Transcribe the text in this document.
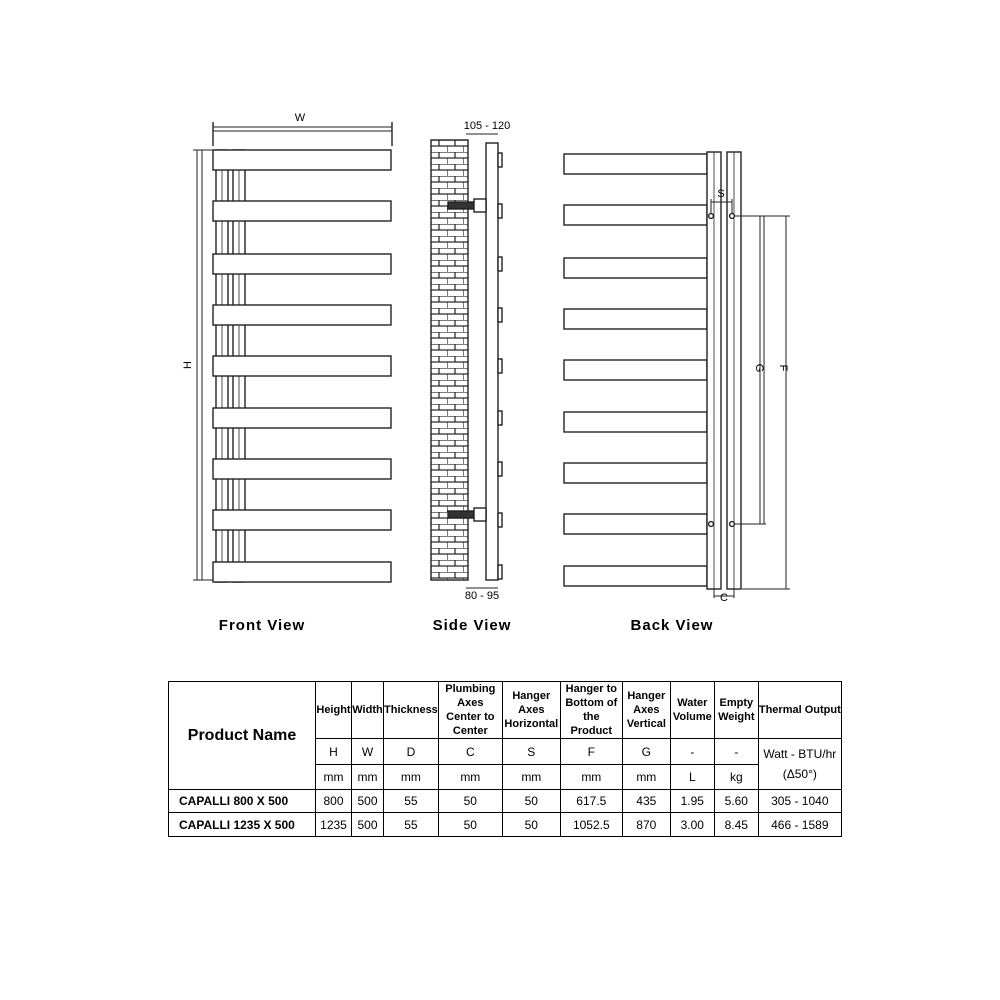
W
H
Front View
105 - 120
80 - 95
Side View
S
G F
C
Back View
Product Name	Height	Width	Thickness	Plumbing Axes Center to Center	Hanger Axes Horizontal	Hanger to Bottom of the Product	Hanger Axes Vertical	Water Volume	Empty Weight	Thermal Output
	H	W	D	C	S	F	G	-	-	Watt - BTU/hr
(Δ50°)

	mm	mm	mm	mm	mm	mm	mm	L	kg	
CAPALLI 800 X 500	800	500	55	50	50	617.5	435	1.95	5.60	305 - 1040
CAPALLI 1235 X 500	1235	500	55	50	50	1052.5	870	3.00	8.45	466 - 1589
